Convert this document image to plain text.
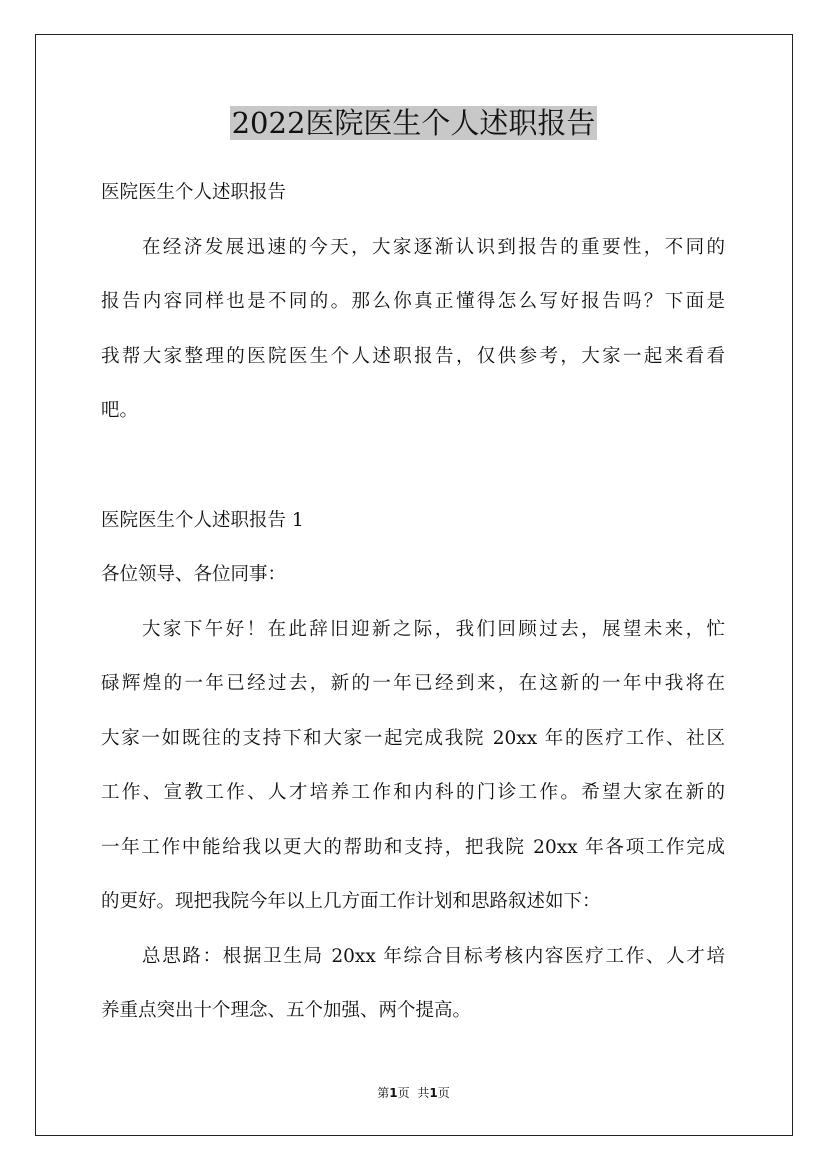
2022医院医生个人述职报告
医院医生个人述职报告
在经济发展迅速的今天，大家逐渐认识到报告的重要性，不同的
报告内容同样也是不同的。那么你真正懂得怎么写好报告吗？下面是
我帮大家整理的医院医生个人述职报告，仅供参考，大家一起来看看
吧。
医院医生个人述职报告 1
各位领导、各位同事：
大家下午好！在此辞旧迎新之际，我们回顾过去，展望未来，忙
碌辉煌的一年已经过去，新的一年已经到来，在这新的一年中我将在
大家一如既往的支持下和大家一起完成我院 20xx 年的医疗工作、社区
工作、宣教工作、人才培养工作和内科的门诊工作。希望大家在新的
一年工作中能给我以更大的帮助和支持，把我院 20xx 年各项工作完成
的更好。现把我院今年以上几方面工作计划和思路叙述如下：
总思路：根据卫生局 20xx 年综合目标考核内容医疗工作、人才培
养重点突出十个理念、五个加强、两个提高。
第1页 共1页
